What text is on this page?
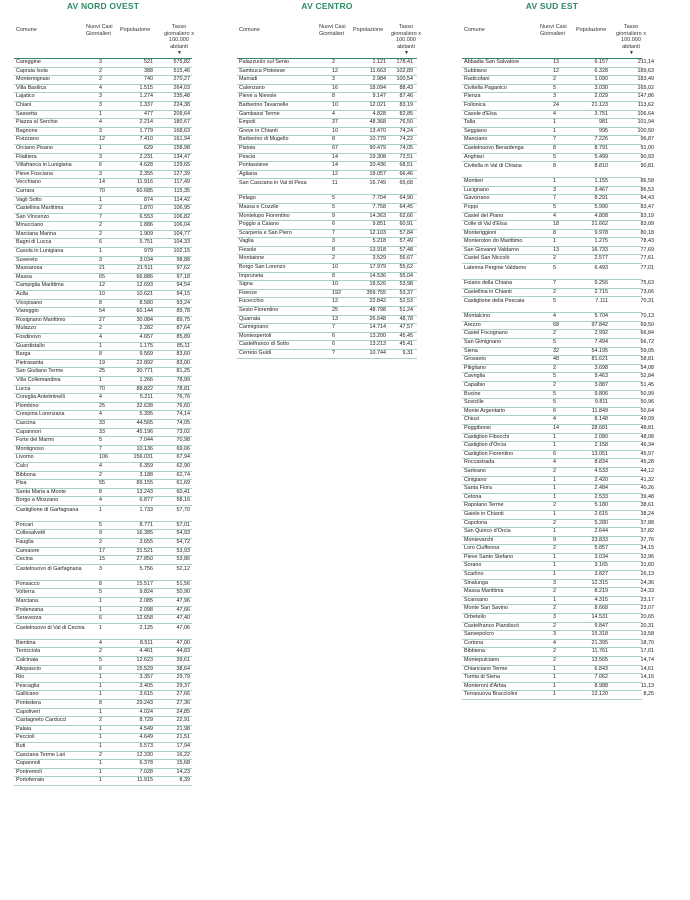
AV NORD OVEST
Comune	Nuovi Casi Giornalieri
Popolazione	Tasso giornaliero x 100.000 abitanti
▼
Careggine	3	521	575,82
Capraia Isola	2	388	515,46
Montemignaio	2	740	270,27
Villa Basilica	4	1.515	264,03
Lajatico	3	1.274	235,48
Chiani	3	1.337	224,38
Sassetta	1	477	209,64
Piazza al Serchio	4	2.214	180,67
Bagnone	3	1.779	168,63
Fivizzano	12	7.410	161,94
Orciano Pisano	1	629	158,98
Filattiera	3	2.231	134,47
Villafranca in Lunigiana	6	4.628	129,65
Pieve Fosciana	3	2.355	127,39
Vecchiano	14	11.916	117,49
Carrara	70	60.685	115,35
Vagli Sotto	1	874	114,42
Castellina Marittima	2	1.870	106,95
San Vincenzo	7	6.553	106,82
Minucciano	2	1.886	106,04
Marciana Marina	2	1.909	104,77
Bagni di Lucca	6	5.751	104,33
Casola in Lunigiana	1	979	102,15
Suvereto	3	3.034	98,88
Massarosa	21	21.511	97,62
Massa	65	66.886	97,18
Campiglia Marittima	12	12.693	94,54
Aulla	10	10.621	94,15
Vicopisano	8	8.580	93,24
Viareggio	54	60.144	89,78
Rosignano Marittimo	27	30.084	89,75
Mulazzo	2	2.282	87,64
Fosdinovo	4	4.657	85,89
Guardistallo	1	1.175	85,11
Barga	8	9.569	83,60
Pietrasanta	19	22.892	83,00
San Giuliano Terme	25	30.771	81,25
Villa Collemandina	1	1.266	78,99
Lucca	70	88.822	78,81
Coreglia Antelminelli	4	5.211	76,76
Piombino	25	32.638	76,60
Crespina Lorenzana	4	5.395	74,14
Cascina	33	44.565	74,05
Capannori	33	45.196	73,02
Forte dei Marmi	5	7.044	70,98
Montignoso	7	10.136	69,06
Livorno	106	156.031	67,94
Calci	4	6.359	62,90
Bibbona	2	3.188	62,74
Pisa	55	89.155	61,69
Santa Maria a Monte	8	13.243	60,41
Borgo a Mozzano	4	6.877	58,16
Castiglione di Garfagnana	1	1.733	57,70
Porcari	5	8.771	57,01
Collesalvetti	9	16.385	54,93
Fauglia	2	3.655	54,72
Camaiore	17	31.521	53,93
Cecina	15	27.850	53,86
Castelnuovo di Garfagnana	3	5.756	52,12
Ponsacco	8	15.517	51,56
Volterra	5	9.824	50,90
Marciana	1	2.085	47,96
Podenzana	1	2.098	47,66
Seravezza	6	12.658	47,40
Castelnuovo di Val di Cecina	1	2.125	47,06
Bientina	4	8.511	47,00
Terricciola	2	4.461	44,83
Calcinaia	5	12.623	39,61
Altopascio	6	15.529	38,64
Rio	1	3.357	29,79
Pescaglia	1	3.405	29,37
Gallicano	1	3.615	27,66
Pontedera	8	29.243	27,36
Capoliveri	1	4.024	24,85
Castagneto Carducci	2	8.729	22,91
Palaia	1	4.549	21,98
Peccioli	1	4.649	21,51
Buti	1	5.573	17,94
Casciana Terme Lari	2	12.330	16,22
Capannoli	1	6.378	15,68
Pontremoli	1	7.028	14,23
Portoferraio	1	11.915	8,39
AV CENTRO
Comune	Nuovi Casi Giornalieri
Popolazione	Tasso giornaliero x 100.000 abitanti
▼
Palazzuolo sul Senio	2	1.121	178,41
Sambuca Pistoiese	12	11.663	102,89
Marradi	3	2.984	100,54
Calenzano	16	18.094	88,43
Pieve a Nievole	8	9.147	87,46
Barberino Tavarnelle	10	12.021	83,19
Gambassi Terme	4	4.828	82,85
Empoli	37	48.368	76,50
Greve in Chianti	10	13.470	74,24
Barberino di Mugello	8	10.779	74,22
Pistoia	67	90.479	74,05
Pescia	14	19.308	72,51
Pontassieve	14	20.436	68,51
Agliana	12	18.057	66,46
San Casciano in Val di Pesa	11	16.749	65,68
Pelago	5	7.704	64,90
Massa e Cozzile	5	7.758	64,45
Montelupo Fiorentino	9	14.363	62,66
Poggio a Caiano	6	9.851	60,91
Scarperia e San Piero	7	12.103	57,84
Vaglia	3	5.218	57,49
Fiesole	8	13.918	57,48
Montaione	2	3.529	56,67
Borgo San Lorenzo	10	17.979	55,62
Impruneta	8	14.536	55,04
Signa	10	18.526	53,98
Firenze	192	359.755	53,37
Fucecchio	12	22.842	52,53
Sesto Fiorentino	25	48.798	51,24
Quarrata	13	26.648	48,78
Carmignano	7	14.714	47,57
Montespertoli	6	13.200	45,45
Castelfranco di Sotto	6	13.213	45,41
Cerreto Guidi	?	10.744	9,31
AV SUD EST
Comune	Nuovi Casi Giornalieri
Popolazione	Tasso giornaliero x 100.000 abitanti
▼
Abbadia San Salvatore	13	6.157	211,14
Subbiano	12	6.328	189,63
Radicofani	2	1.090	183,49
Civitella Paganico	5	3.030	165,02
Pienza	3	2.029	147,86
Follonica	24	21.123	113,62
Casole d'Elsa	4	3.751	106,64
Talla	1	981	101,94
Seggiano	1	995	100,50
Manciano	7	7.226	96,87
Castelnuovo Berardenga	8	8.791	91,00
Anghiari	5	5.499	90,93
Civitella in Val di Chiana	8	8.810	90,81
Montieri	1	1.155	86,58
Lucignano	3	3.467	86,53
Gavorrano	7	8.291	84,43
Poppi	5	5.990	83,47
Castel del Piano	4	4.808	83,19
Colle di Val d'Elsa	18	21.662	83,09
Monteriggioni	8	9.978	80,18
Monteroton do Marittimo	1	1.275	78,43
San Giovanni Valdarno	13	16.733	77,69
Castel San Niccolò	2	2.577	77,61
Laterina Pergine Valdarno	5	6.493	77,01
Foiano della Chiana	7	9.256	75,63
Castellina in Chianti	2	2.715	73,66
Castiglione della Pescaia	5	7.111	70,31
Montalcino	4	5.704	70,13
Arezzo	68	97.842	69,50
Castel Focognano	2	2.992	66,84
San Gimignano	5	7.494	66,72
Siena	32	54.195	59,05
Grosseto	48	81.621	58,81
Pitigliano	2	3.698	54,08
Cavriglia	5	9.463	52,84
Capalbio	2	3.887	51,45
Bucine	5	9.806	50,99
Sovicille	5	9.811	50,96
Monte Argentario	6	11.849	50,64
Chiusi	4	8.148	49,09
Poggibonsi	14	28.681	48,81
Castiglion Fibocchi	1	2.080	48,08
Castiglion d'Orcia	1	2.158	46,34
Castiglion Fiorentino	6	13.051	45,97
Roccastrada	4	8.834	45,28
Sarteano	2	4.533	44,12
Cinigiano	1	2.420	41,32
Santa Fiora	1	2.484	40,26
Cetona	1	2.533	39,48
Rapolano Terme	2	5.180	38,61
Gaiole in Chianti	1	2.615	38,24
Capolona	2	5.280	37,88
San Quirico d'Orcia	1	2.644	37,82
Montevarchi	9	23.833	37,76
Loro Ciuffenna	2	5.857	34,15
Pieve Santo Stefano	1	3.034	32,96
Sorano	1	3.165	31,60
Scarlino	1	3.827	26,13
Sinalunga	3	12.315	24,36
Massa Marittima	2	8.219	24,33
Scansano	1	4.315	23,17
Monte San Savino	2	8.668	23,07
Orbetello	3	14.531	20,65
Castelfranco Piandiscò	2	9.847	20,31
Sansepolcro	3	15.318	19,58
Cortona	4	21.395	18,70
Bibbiena	2	11.761	17,01
Montepulciano	2	13.565	14,74
Chianciano Terme	1	6.843	14,61
Torrita di Siena	1	7.062	14,16
Monteroni d'Arbia	1	8.988	11,13
Terranuova Bracciolini	1	12.120	8,25
